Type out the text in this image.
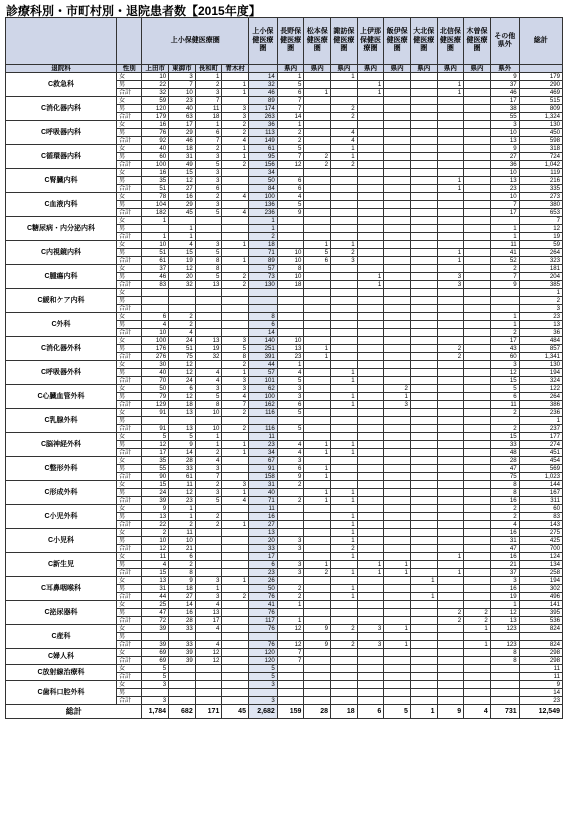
診療科別・市町村別・退院患者数【2015年度】
		上小保健医療圏				上小保健医療圏	長野保健医療圏	松本保健医療圏	諏訪保健医療圏	上伊那保健医療圏	飯伊保健医療圏	大北保健医療圏	北信保健医療圏	木曽保健医療圏	その他県外	総計
退院科	性別	上田市	東御市	長和町	青木村		県内	県内	県内	県内	県内	県内	県内	県内	県外	
C救急科	女	10	3	1		14	1		1						9	179
	男	22	7	2	1	32	5			1			1		37	290
	合計	32	10	3	1	46	6	1		1			1		46	469
C消化器内科	女	59	23	7		89	7								17	515
	男	120	40	11	3	174	7		2						38	809
	合計	179	63	18	3	263	14		2						55	1,324
C呼吸器内科	女	16	17	1	2	36	1								3	130
	男	76	29	6	2	113	2		4						10	450
	合計	92	46	7	4	149	2		4						13	598
C循環器内科	女	40	18	2	1	61	5		1						9	318
	男	60	31	3	1	95	7	2	1						27	724
	合計	100	49	5	2	156	12	2	2						36	1,042
C腎臓内科	女	16	15	3		34									10	119
	男	35	12	3		50	6						1		13	216
	合計	51	27	6		84	6						1		23	335
C血液内科	女	78	16	2	4	100	4								10	273
	男	104	29	3		136	5								7	380
	合計	182	45	5	4	236	9								17	653
C糖尿病・内分泌内科	女	1				1										7
	男		1			1									1	12
	合計	1	1			2									1	19
C内視鏡内科	女	10	4	3	1	18		1	1						11	59
	男	51	15	5		71	10	5	2				1		41	264
	合計	61	19	8	1	89	10	6	3				1		52	323
C腫瘍内科	女	37	12	8		57	8								2	181
	男	46	20	5	2	73	10			1			3		7	204
	合計	83	32	13	2	130	18			1			3		9	385
C緩和ケア内科	女															1
	男															2
	合計															3
C外科	女	6	2			8									1	23
	男	4	2			6									1	13
	合計	10	4			14									2	36
C消化器外科	女	100	24	13	3	140	10								17	484
	男	176	51	19	5	251	13	1					2		43	857
	合計	276	75	32	8	391	23	1					2		60	1,341
C呼吸器外科	女	30	12		2	44	1								3	130
	男	40	12	4	1	57	4		1						12	194
	合計	70	24	4	3	101	5		1						15	324
C心臓血管外科	女	50	6	3	3	62	3				2				5	122
	男	79	12	5	4	100	3		1		1				6	264
	合計	129	18	8	7	162	6		1		3				11	386
C乳腺外科	女	91	13	10	2	116	5								2	236
	男															1
	合計	91	13	10	2	116	5								2	237
C脳神経外科	女	5	5	1		11									15	177
	男	12	9	1	1	23	4	1	1						33	274
	合計	17	14	2	1	34	4	1	1						48	451
C整形外科	女	35	28	4		67	3								28	454
	男	55	33	3		91	6	1							47	569
	合計	90	61	7		158	9	1							75	1,023
C形成外科	女	15	11	2	3	31	2								8	144
	男	24	12	3	1	40		1	1						8	167
	合計	39	23	5	4	71	2	1	1						16	311
C小児外科	女	9	1			11									2	60
	男	13	1	2		16			1						2	83
	合計	22	2	2	1	27			1						4	143
C小児科	女	2	11			13			1						16	275
	男	10	10			20	3		1						31	425
	合計	12	21			33	3		2						47	700
C新生児	女	11	6			17			1				1		16	124
	男	4	2			6	3	1		1	1				21	134
	合計	15	8			23	3	2	1	1	1		1		37	258
C耳鼻咽喉科	女	13	9	3	1	26						1			3	194
	男	31	18	1		50	2		1						16	302
	合計	44	27	3	2	76	2		1			1			19	496
C泌尿器科	女	25	14	4		41	1								1	141
	男	47	16	13		76							2	2	12	395
	合計	72	28	17		117	1						2	2	13	536
C産科	女	39	33	4		76	12	9	2	3	1			1	123	824
	男															
	合計	39	33	4		76	12	9	2	3	1			1	123	824
C婦人科	女	69	39	12		120	7								8	298
	合計	69	39	12		120	7								8	298
C放射線治療科	女	5				5										11
	合計	5				5										11
C歯科口腔外科	女	3				3										9
	男															14
	合計	3				3										23
総計		1,784	682	171	45	2,682	159	28	18	6	5	1	9	4	731	12,549
